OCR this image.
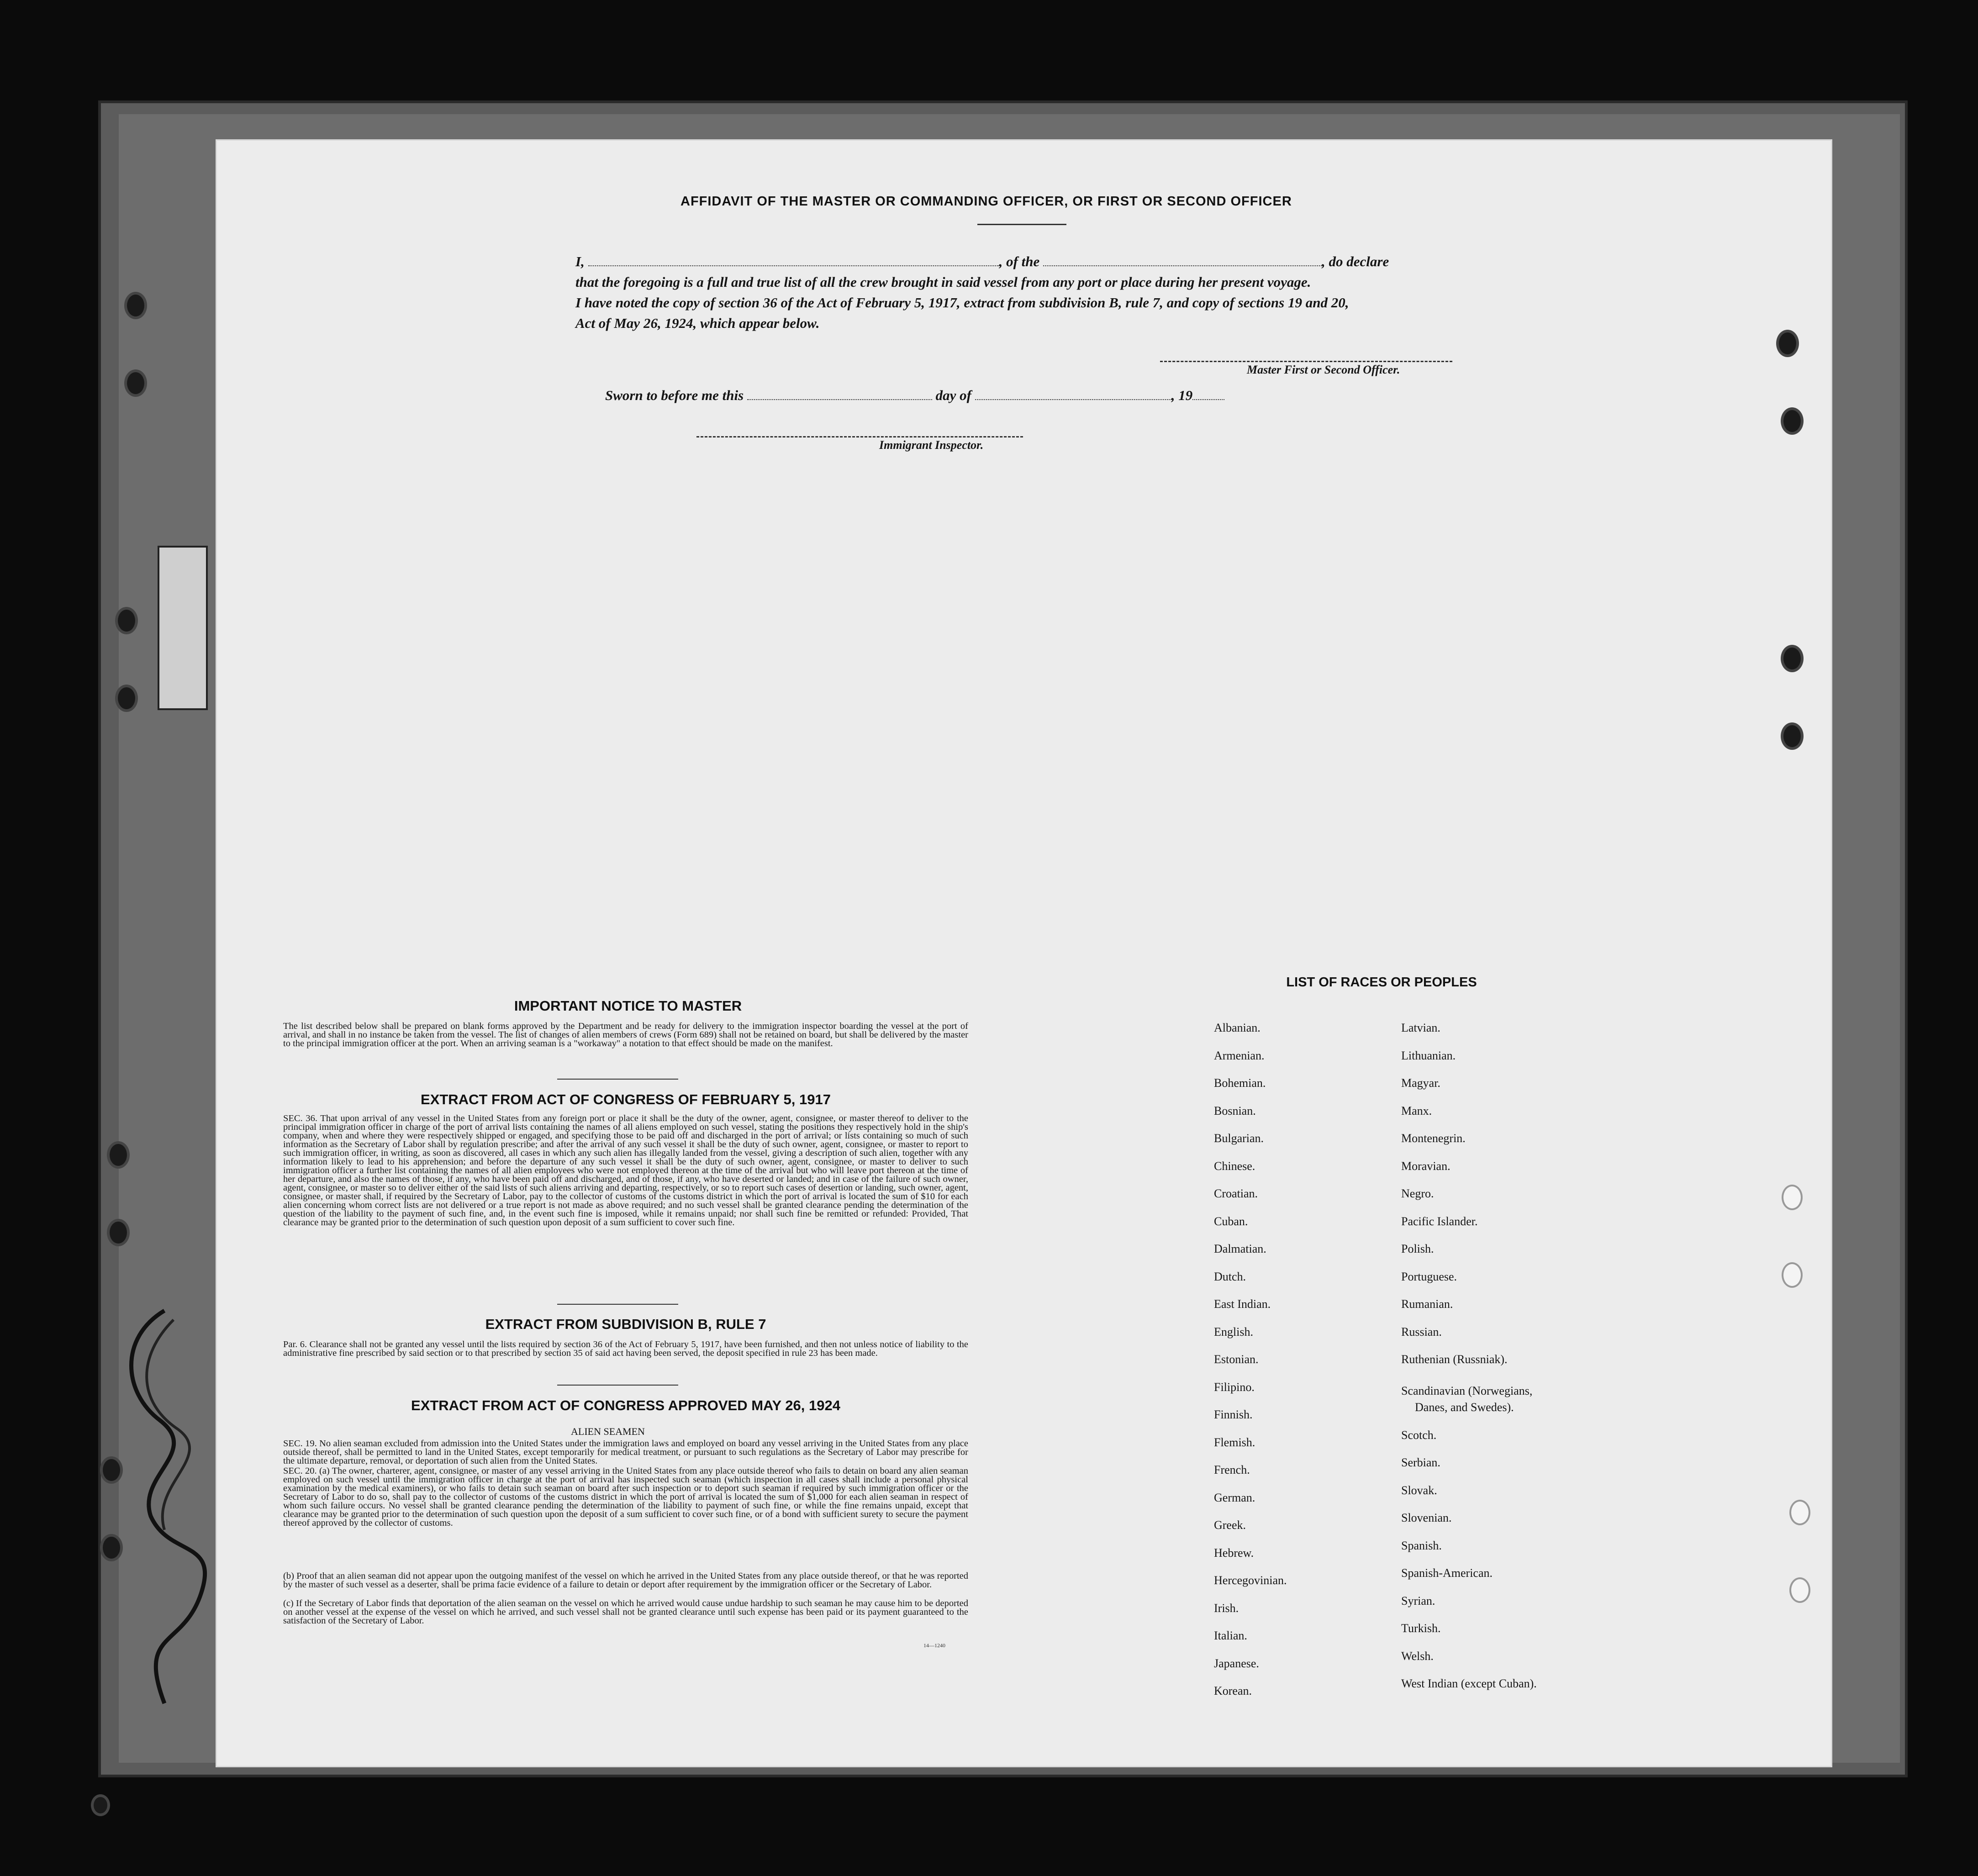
AFFIDAVIT OF THE MASTER OR COMMANDING OFFICER, OR FIRST OR SECOND OFFICER
I,	, of the	, do declare
that the foregoing is a full and true list of all the crew brought in said vessel from any port or place during her present voyage.
I have noted the copy of section 36 of the Act of February 5, 1917, extract from subdivision B, rule 7, and copy of sections 19 and 20,
Act of May 26, 1924, which appear below.
Master First or Second Officer.
Sworn to before me this	day of	, 19
Immigrant Inspector.
IMPORTANT NOTICE TO MASTER
The list described below shall be prepared on blank forms approved by the Department and be ready for delivery to the immigration inspector boarding the vessel at the port of arrival, and shall in no instance be taken from the vessel. The list of changes of alien members of crews (Form 689) shall not be retained on board, but shall be delivered by the master to the principal immigration officer at the port. When an arriving seaman is a "workaway" a notation to that effect should be made on the manifest.
EXTRACT FROM ACT OF CONGRESS OF FEBRUARY 5, 1917
SEC. 36. That upon arrival of any vessel in the United States from any foreign port or place it shall be the duty of the owner, agent, consignee, or master thereof to deliver to the principal immigration officer in charge of the port of arrival lists containing the names of all aliens employed on such vessel, stating the positions they respectively hold in the ship's company, when and where they were respectively shipped or engaged, and specifying those to be paid off and discharged in the port of arrival; or lists containing so much of such information as the Secretary of Labor shall by regulation prescribe; and after the arrival of any such vessel it shall be the duty of such owner, agent, consignee, or master to report to such immigration officer, in writing, as soon as discovered, all cases in which any such alien has illegally landed from the vessel, giving a description of such alien, together with any information likely to lead to his apprehension; and before the departure of any such vessel it shall be the duty of such owner, agent, consignee, or master to deliver to such immigration officer a further list containing the names of all alien employees who were not employed thereon at the time of the arrival but who will leave port thereon at the time of her departure, and also the names of those, if any, who have been paid off and discharged, and of those, if any, who have deserted or landed; and in case of the failure of such owner, agent, consignee, or master so to deliver either of the said lists of such aliens arriving and departing, respectively, or so to report such cases of desertion or landing, such owner, agent, consignee, or master shall, if required by the Secretary of Labor, pay to the collector of customs of the customs district in which the port of arrival is located the sum of $10 for each alien concerning whom correct lists are not delivered or a true report is not made as above required; and no such vessel shall be granted clearance pending the determination of the question of the liability to the payment of such fine, and, in the event such fine is imposed, while it remains unpaid; nor shall such fine be remitted or refunded: Provided, That clearance may be granted prior to the determination of such question upon deposit of a sum sufficient to cover such fine.
EXTRACT FROM SUBDIVISION B, RULE 7
Par. 6. Clearance shall not be granted any vessel until the lists required by section 36 of the Act of February 5, 1917, have been furnished, and then not unless notice of liability to the administrative fine prescribed by said section or to that prescribed by section 35 of said act having been served, the deposit specified in rule 23 has been made.
EXTRACT FROM ACT OF CONGRESS APPROVED MAY 26, 1924
ALIEN SEAMEN
SEC. 19. No alien seaman excluded from admission into the United States under the immigration laws and employed on board any vessel arriving in the United States from any place outside thereof, shall be permitted to land in the United States, except temporarily for medical treatment, or pursuant to such regulations as the Secretary of Labor may prescribe for the ultimate departure, removal, or deportation of such alien from the United States.
SEC. 20. (a) The owner, charterer, agent, consignee, or master of any vessel arriving in the United States from any place outside thereof who fails to detain on board any alien seaman employed on such vessel until the immigration officer in charge at the port of arrival has inspected such seaman (which inspection in all cases shall include a personal physical examination by the medical examiners), or who fails to detain such seaman on board after such inspection or to deport such seaman if required by such immigration officer or the Secretary of Labor to do so, shall pay to the collector of customs of the customs district in which the port of arrival is located the sum of $1,000 for each alien seaman in respect of whom such failure occurs. No vessel shall be granted clearance pending the determination of the liability to payment of such fine, or while the fine remains unpaid, except that clearance may be granted prior to the determination of such question upon the deposit of a sum sufficient to cover such fine, or of a bond with sufficient surety to secure the payment thereof approved by the collector of customs.
(b) Proof that an alien seaman did not appear upon the outgoing manifest of the vessel on which he arrived in the United States from any place outside thereof, or that he was reported by the master of such vessel as a deserter, shall be prima facie evidence of a failure to detain or deport after requirement by the immigration officer or the Secretary of Labor.
(c) If the Secretary of Labor finds that deportation of the alien seaman on the vessel on which he arrived would cause undue hardship to such seaman he may cause him to be deported on another vessel at the expense of the vessel on which he arrived, and such vessel shall not be granted clearance until such expense has been paid or its payment guaranteed to the satisfaction of the Secretary of Labor.
14—1240
LIST OF RACES OR PEOPLES
Albanian.
Armenian.
Bohemian.
Bosnian.
Bulgarian.
Chinese.
Croatian.
Cuban.
Dalmatian.
Dutch.
East Indian.
English.
Estonian.
Filipino.
Finnish.
Flemish.
French.
German.
Greek.
Hebrew.
Hercegovinian.
Irish.
Italian.
Japanese.
Korean.
Latvian.
Lithuanian.
Magyar.
Manx.
Montenegrin.
Moravian.
Negro.
Pacific Islander.
Polish.
Portuguese.
Rumanian.
Russian.
Ruthenian (Russniak).
Scandinavian (Norwegians,
Danes, and Swedes).
Scotch.
Serbian.
Slovak.
Slovenian.
Spanish.
Spanish-American.
Syrian.
Turkish.
Welsh.
West Indian (except Cuban).
